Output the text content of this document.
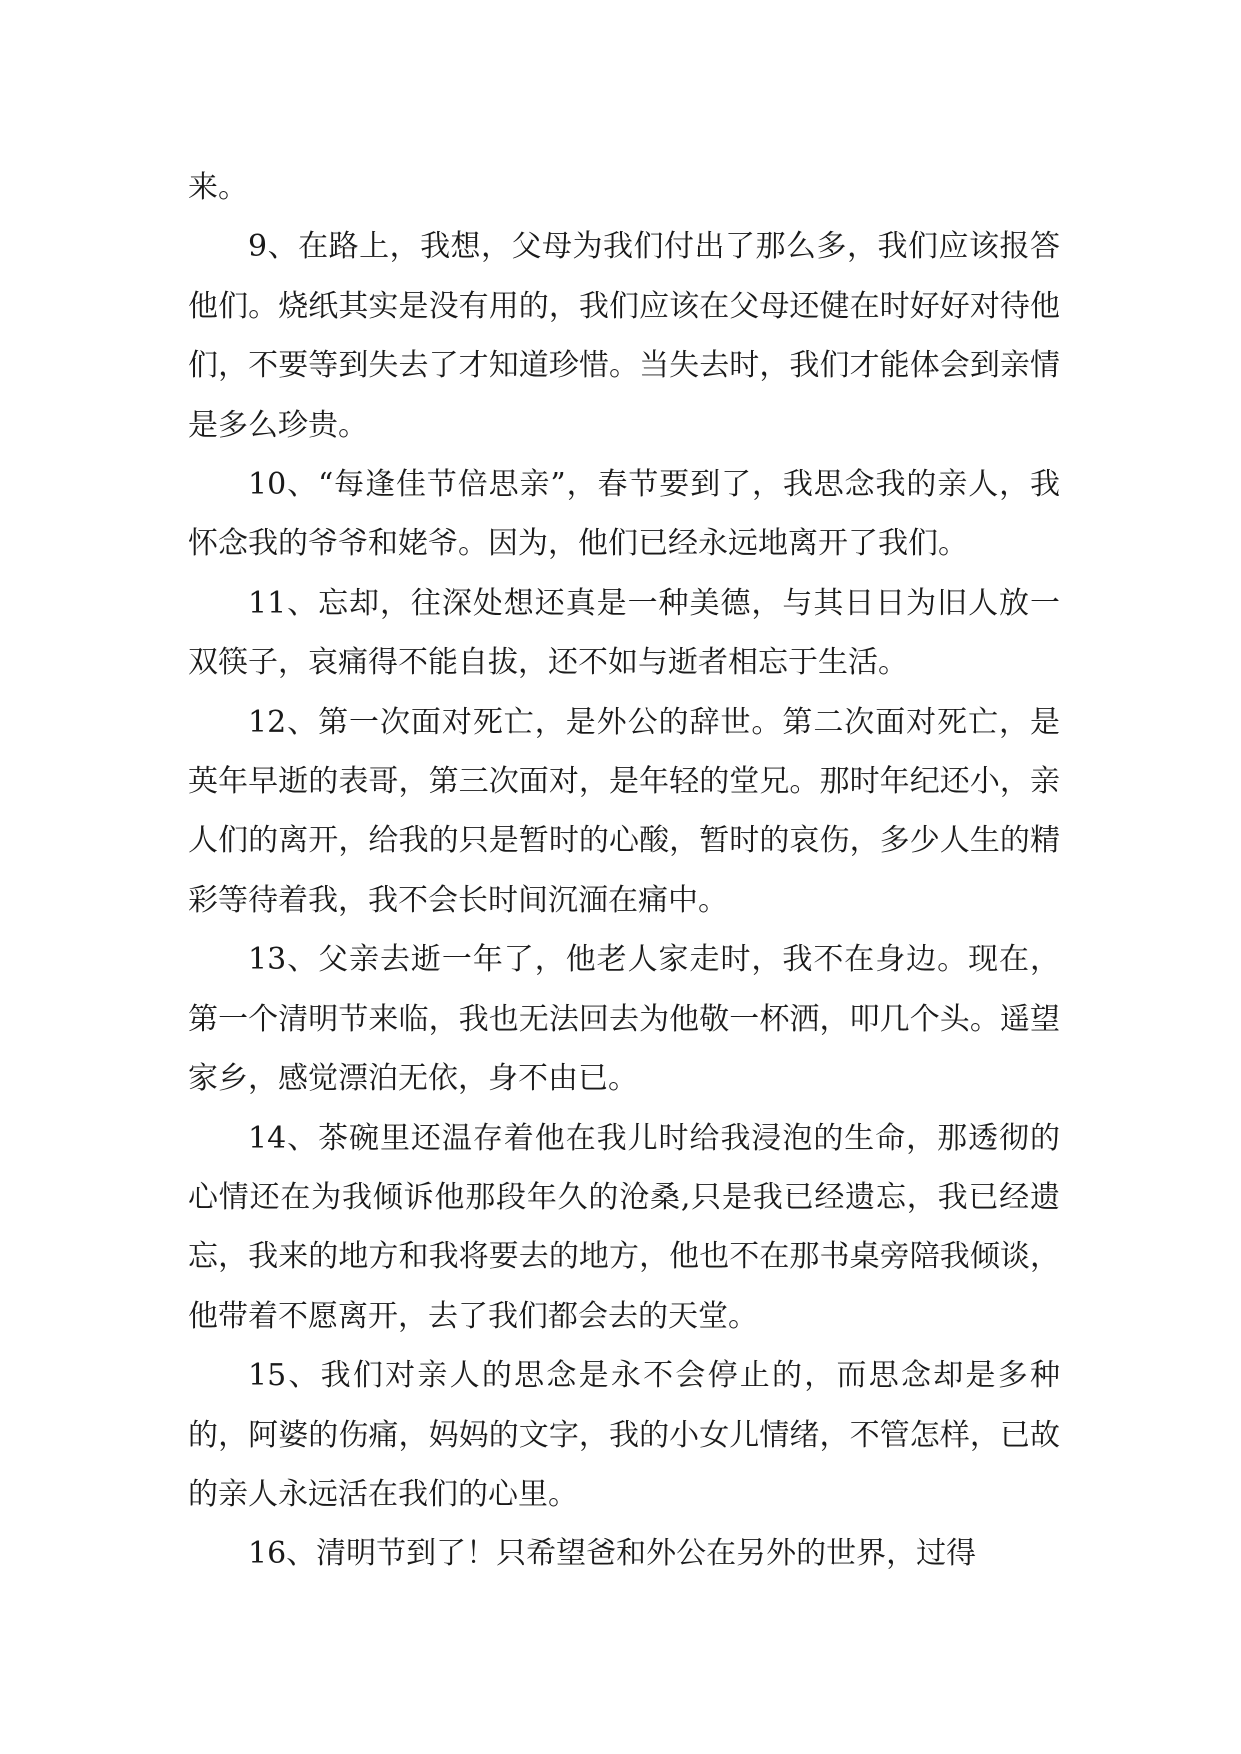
来。

9、在路上，我想，父母为我们付出了那么多，我们应该报答他们。烧纸其实是没有用的，我们应该在父母还健在时好好对待他们，不要等到失去了才知道珍惜。当失去时，我们才能体会到亲情是多么珍贵。

10、“每逢佳节倍思亲”，春节要到了，我思念我的亲人，我怀念我的爷爷和姥爷。因为，他们已经永远地离开了我们。

11、忘却，往深处想还真是一种美德，与其日日为旧人放一双筷子，哀痛得不能自拔，还不如与逝者相忘于生活。

12、第一次面对死亡，是外公的辞世。第二次面对死亡，是英年早逝的表哥，第三次面对，是年轻的堂兄。那时年纪还小，亲人们的离开，给我的只是暂时的心酸，暂时的哀伤，多少人生的精彩等待着我，我不会长时间沉湎在痛中。

13、父亲去逝一年了，他老人家走时，我不在身边。现在，第一个清明节来临，我也无法回去为他敬一杯洒，叩几个头。遥望家乡，感觉漂泊无依，身不由已。

14、茶碗里还温存着他在我儿时给我浸泡的生命，那透彻的心情还在为我倾诉他那段年久的沧桑,只是我已经遗忘，我已经遗忘，我来的地方和我将要去的地方，他也不在那书桌旁陪我倾谈，他带着不愿离开，去了我们都会去的天堂。

15、我们对亲人的思念是永不会停止的，而思念却是多种的，阿婆的伤痛，妈妈的文字，我的小女儿情绪，不管怎样，已故的亲人永远活在我们的心里。

16、清明节到了！只希望爸和外公在另外的世界，过得
